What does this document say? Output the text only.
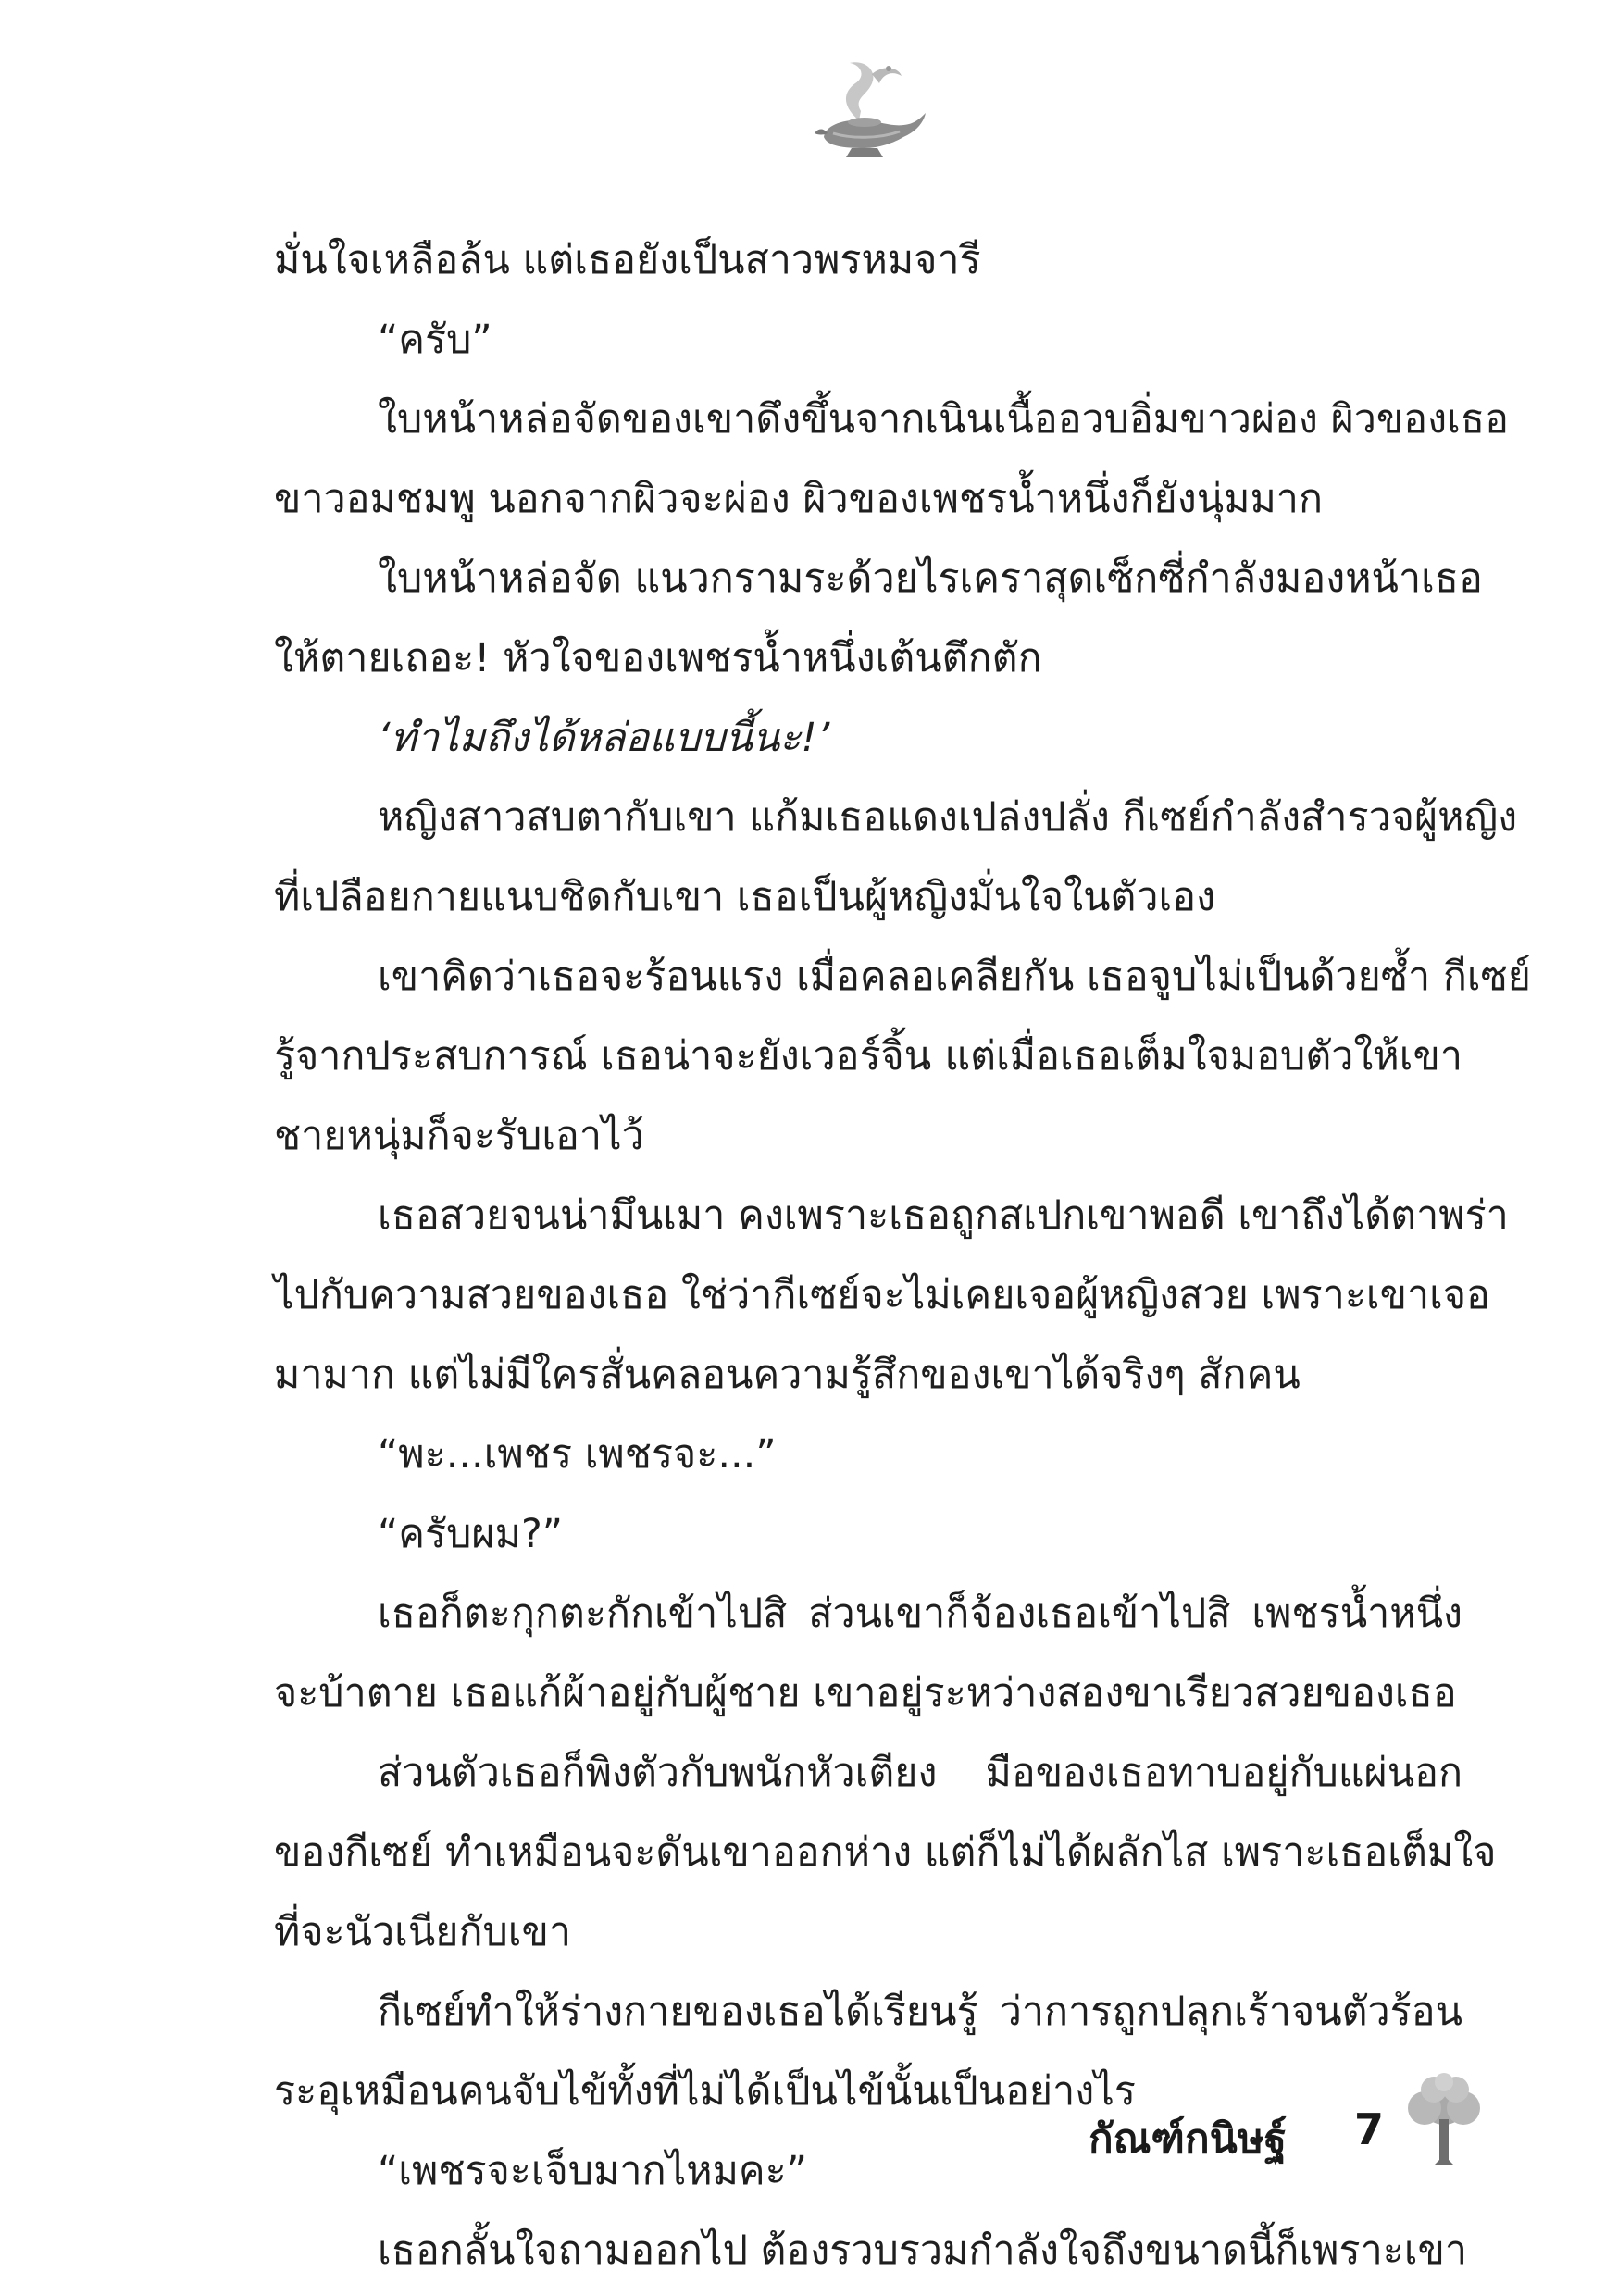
มั่นใจเหลือล้น แต่เธอยังเป็นสาวพรหมจารี
“ครับ”
ใบหน้าหล่อจัดของเขาดึงขึ้นจากเนินเนื้ออวบอิ่มขาวผ่อง ผิวของเธอ
ขาวอมชมพู นอกจากผิวจะผ่อง ผิวของเพชรน้ำหนึ่งก็ยังนุ่มมาก
ใบหน้าหล่อจัด แนวกรามระด้วยไรเคราสุดเซ็กซี่กำลังมองหน้าเธอ
ให้ตายเถอะ! หัวใจของเพชรน้ำหนึ่งเต้นตึกตัก
‘ทำไมถึงได้หล่อแบบนี้นะ!’
หญิงสาวสบตากับเขา แก้มเธอแดงเปล่งปลั่ง กีเซย์กำลังสำรวจผู้หญิง
ที่เปลือยกายแนบชิดกับเขา เธอเป็นผู้หญิงมั่นใจในตัวเอง
เขาคิดว่าเธอจะร้อนแรง เมื่อคลอเคลียกัน เธอจูบไม่เป็นด้วยซ้ำ กีเซย์
รู้จากประสบการณ์ เธอน่าจะยังเวอร์จิ้น แต่เมื่อเธอเต็มใจมอบตัวให้เขา
ชายหนุ่มก็จะรับเอาไว้
เธอสวยจนน่ามึนเมา คงเพราะเธอถูกสเปกเขาพอดี เขาถึงได้ตาพร่า
ไปกับความสวยของเธอ ใช่ว่ากีเซย์จะไม่เคยเจอผู้หญิงสวย เพราะเขาเจอ
มามาก แต่ไม่มีใครสั่นคลอนความรู้สึกของเขาได้จริงๆ สักคน
“พะ...เพชร เพชรจะ...”
“ครับผม?”
เธอก็ตะกุกตะกักเข้าไปสิ ส่วนเขาก็จ้องเธอเข้าไปสิ เพชรน้ำหนึ่ง
จะบ้าตาย เธอแก้ผ้าอยู่กับผู้ชาย เขาอยู่ระหว่างสองขาเรียวสวยของเธอ
ส่วนตัวเธอก็พิงตัวกับพนักหัวเตียง มือของเธอทาบอยู่กับแผ่นอก
ของกีเซย์ ทำเหมือนจะดันเขาออกห่าง แต่ก็ไม่ได้ผลักไส เพราะเธอเต็มใจ
ที่จะนัวเนียกับเขา
กีเซย์ทำให้ร่างกายของเธอได้เรียนรู้ ว่าการถูกปลุกเร้าจนตัวร้อน
ระอุเหมือนคนจับไข้ทั้งที่ไม่ได้เป็นไข้นั้นเป็นอย่างไร
“เพชรจะเจ็บมากไหมคะ”
เธอกลั้นใจถามออกไป ต้องรวบรวมกำลังใจถึงขนาดนี้ก็เพราะเขา
กัณฑ์กนิษฐ์ 7
